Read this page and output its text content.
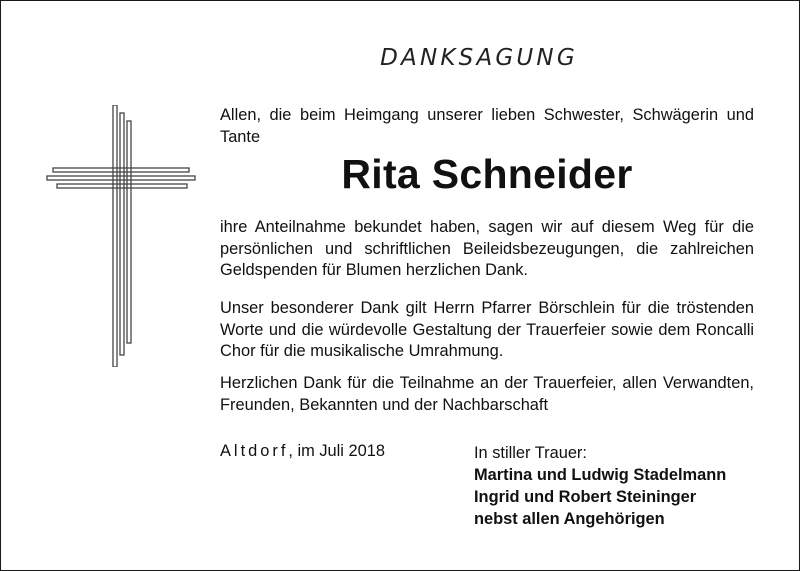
DANKSAGUNG
Allen, die beim Heimgang unserer lieben Schwester, Schwägerin und Tante
Rita Schneider
ihre Anteilnahme bekundet haben, sagen wir auf diesem Weg für die persönlichen und schriftlichen Beileidsbezeugungen, die zahlreichen Geldspenden für Blumen herzlichen Dank.
Unser besonderer Dank gilt Herrn Pfarrer Börschlein für die tröstenden Worte und die würdevolle Gestaltung der Trauerfeier sowie dem Roncalli Chor für die musikalische Umrahmung.
Herzlichen Dank für die Teilnahme an der Trauerfeier, allen Verwandten, Freunden, Bekannten und der Nachbarschaft
Altdorf, im Juli 2018	In stiller Trauer:
Martina und Ludwig Stadelmann
Ingrid und Robert Steininger
nebst allen Angehörigen
